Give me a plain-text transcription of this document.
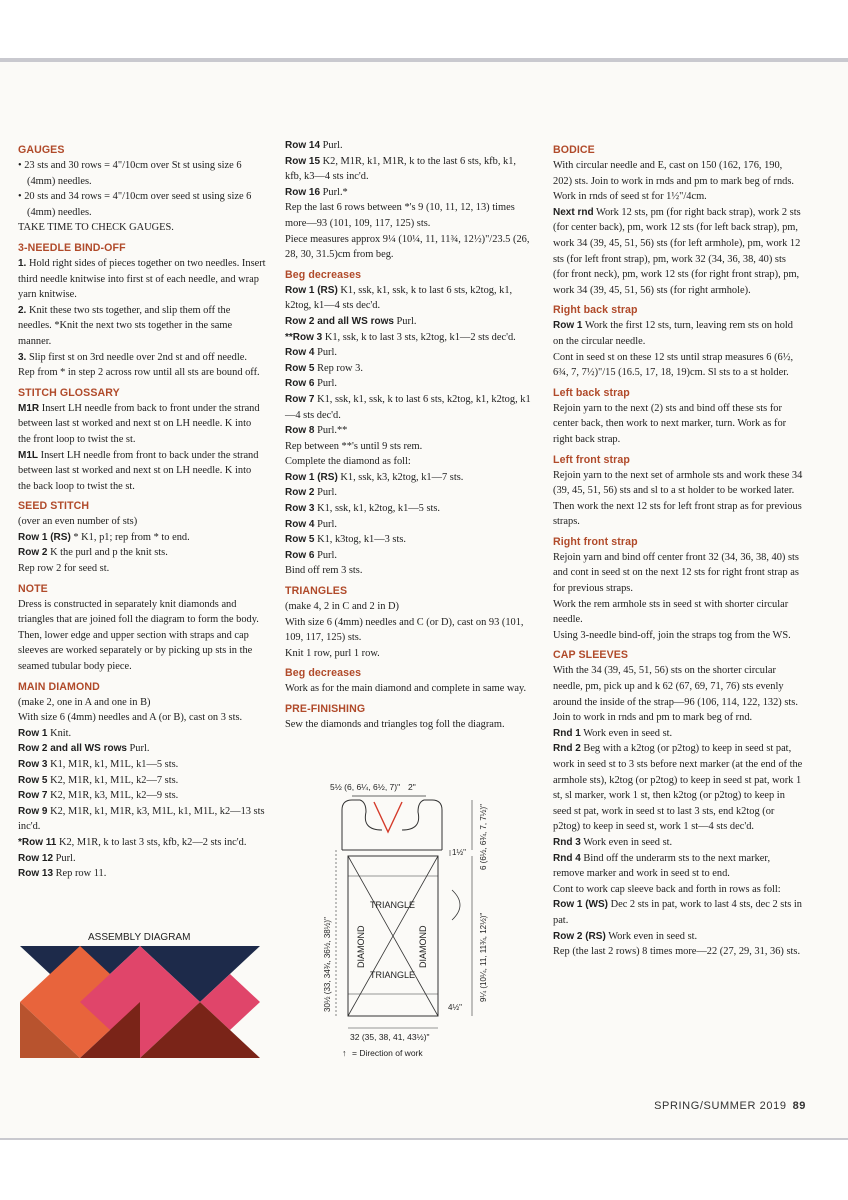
GAUGES
• 23 sts and 30 rows = 4"/10cm over St st using size 6 (4mm) needles.
• 20 sts and 34 rows = 4"/10cm over seed st using size 6 (4mm) needles.
TAKE TIME TO CHECK GAUGES.
3-NEEDLE BIND-OFF
1. Hold right sides of pieces together on two needles. Insert third needle knitwise into first st of each needle, and wrap yarn knitwise.
2. Knit these two sts together, and slip them off the needles. *Knit the next two sts together in the same manner.
3. Slip first st on 3rd needle over 2nd st and off needle. Rep from * in step 2 across row until all sts are bound off.
STITCH GLOSSARY
M1R Insert LH needle from back to front under the strand between last st worked and next st on LH needle. K into the front loop to twist the st.
M1L Insert LH needle from front to back under the strand between last st worked and next st on LH needle. K into the back loop to twist the st.
SEED STITCH
(over an even number of sts)
Row 1 (RS) * K1, p1; rep from * to end.
Row 2 K the purl and p the knit sts.
Rep row 2 for seed st.
NOTE
Dress is constructed in separately knit diamonds and triangles that are joined foll the diagram to form the body. Then, lower edge and upper section with straps and cap sleeves are worked separately or by picking up sts in the seamed tubular body piece.
MAIN DIAMOND
(make 2, one in A and one in B)
With size 6 (4mm) needles and A (or B), cast on 3 sts.
Row 1 Knit.
Row 2 and all WS rows Purl.
Row 3 K1, M1R, k1, M1L, k1—5 sts.
Row 5 K2, M1R, k1, M1L, k2—7 sts.
Row 7 K2, M1R, k3, M1L, k2—9 sts.
Row 9 K2, M1R, k1, M1R, k3, M1L, k1, M1L, k2—13 sts inc'd.
*Row 11 K2, M1R, k to last 3 sts, kfb, k2—2 sts inc'd.
Row 12 Purl.
Row 13 Rep row 11.
ASSEMBLY DIAGRAM
Row 14 Purl.
Row 15 K2, M1R, k1, M1R, k to the last 6 sts, kfb, k1, kfb, k3—4 sts inc'd.
Row 16 Purl.*
Rep the last 6 rows between *'s 9 (10, 11, 12, 13) times more—93 (101, 109, 117, 125) sts.
Piece measures approx 9¼ (10¼, 11, 11¾, 12½)"/23.5 (26, 28, 30, 31.5)cm from beg.
Beg decreases
Row 1 (RS) K1, ssk, k1, ssk, k to last 6 sts, k2tog, k1, k2tog, k1—4 sts dec'd.
Row 2 and all WS rows Purl.
**Row 3 K1, ssk, k to last 3 sts, k2tog, k1—2 sts dec'd.
Row 4 Purl.
Row 5 Rep row 3.
Row 6 Purl.
Row 7 K1, ssk, k1, ssk, k to last 6 sts, k2tog, k1, k2tog, k1—4 sts dec'd.
Row 8 Purl.**
Rep between **'s until 9 sts rem.
Complete the diamond as foll:
Row 1 (RS) K1, ssk, k3, k2tog, k1—7 sts.
Row 2 Purl.
Row 3 K1, ssk, k1, k2tog, k1—5 sts.
Row 4 Purl.
Row 5 K1, k3tog, k1—3 sts.
Row 6 Purl.
Bind off rem 3 sts.
TRIANGLES
(make 4, 2 in C and 2 in D)
With size 6 (4mm) needles and C (or D), cast on 93 (101, 109, 117, 125) sts.
Knit 1 row, purl 1 row.
Beg decreases
Work as for the main diamond and complete in same way.
PRE-FINISHING
Sew the diamonds and triangles tog foll the diagram.
5½ (6, 6¼, 6½, 7)" 2"
TRIANGLE
TRIANGLE
DIAMOND	DIAMOND
6 (6½, 6¾, 7, 7½)"
1½"
30½ (33, 34¾, 36½, 38½)"	9¼ (10¼, 11, 11¾, 12½)"
4½"
32 (35, 38, 41, 43½)"
↑ = Direction of work
BODICE
With circular needle and E, cast on 150 (162, 176, 190, 202) sts. Join to work in rnds and pm to mark beg of rnds.
Work in rnds of seed st for 1½"/4cm.
Next rnd Work 12 sts, pm (for right back strap), work 2 sts (for center back), pm, work 12 sts (for left back strap), pm, work 34 (39, 45, 51, 56) sts (for left armhole), pm, work 12 sts (for left front strap), pm, work 32 (34, 36, 38, 40) sts (for front neck), pm, work 12 sts (for right front strap), pm, work 34 (39, 45, 51, 56) sts (for right armhole).
Right back strap
Row 1 Work the first 12 sts, turn, leaving rem sts on hold on the circular needle.
Cont in seed st on these 12 sts until strap measures 6 (6½, 6¾, 7, 7½)"/15 (16.5, 17, 18, 19)cm. Sl sts to a st holder.
Left back strap
Rejoin yarn to the next (2) sts and bind off these sts for center back, then work to next marker, turn. Work as for right back strap.
Left front strap
Rejoin yarn to the next set of armhole sts and work these 34 (39, 45, 51, 56) sts and sl to a st holder to be worked later.
Then work the next 12 sts for left front strap as for previous straps.
Right front strap
Rejoin yarn and bind off center front 32 (34, 36, 38, 40) sts and cont in seed st on the next 12 sts for right front strap as for previous straps.
Work the rem armhole sts in seed st with shorter circular needle.
Using 3-needle bind-off, join the straps tog from the WS.
CAP SLEEVES
With the 34 (39, 45, 51, 56) sts on the shorter circular needle, pm, pick up and k 62 (67, 69, 71, 76) sts evenly around the inside of the strap—96 (106, 114, 122, 132) sts. Join to work in rnds and pm to mark beg of rnd.
Rnd 1 Work even in seed st.
Rnd 2 Beg with a k2tog (or p2tog) to keep in seed st pat, work in seed st to 3 sts before next marker (at the end of the armhole sts), k2tog (or p2tog) to keep in seed st pat, work 1 st, sl marker, work 1 st, then k2tog (or p2tog) to keep in seed st pat, work in seed st to last 3 sts, end k2tog (or p2tog) to keep in seed st, work 1 st—4 sts dec'd.
Rnd 3 Work even in seed st.
Rnd 4 Bind off the underarm sts to the next marker, remove marker and work in seed st to end.
Cont to work cap sleeve back and forth in rows as foll:
Row 1 (WS) Dec 2 sts in pat, work to last 4 sts, dec 2 sts in pat.
Row 2 (RS) Work even in seed st.
Rep (the last 2 rows) 8 times more—22 (27, 29, 31, 36) sts.
SPRING/SUMMER 2019 89
